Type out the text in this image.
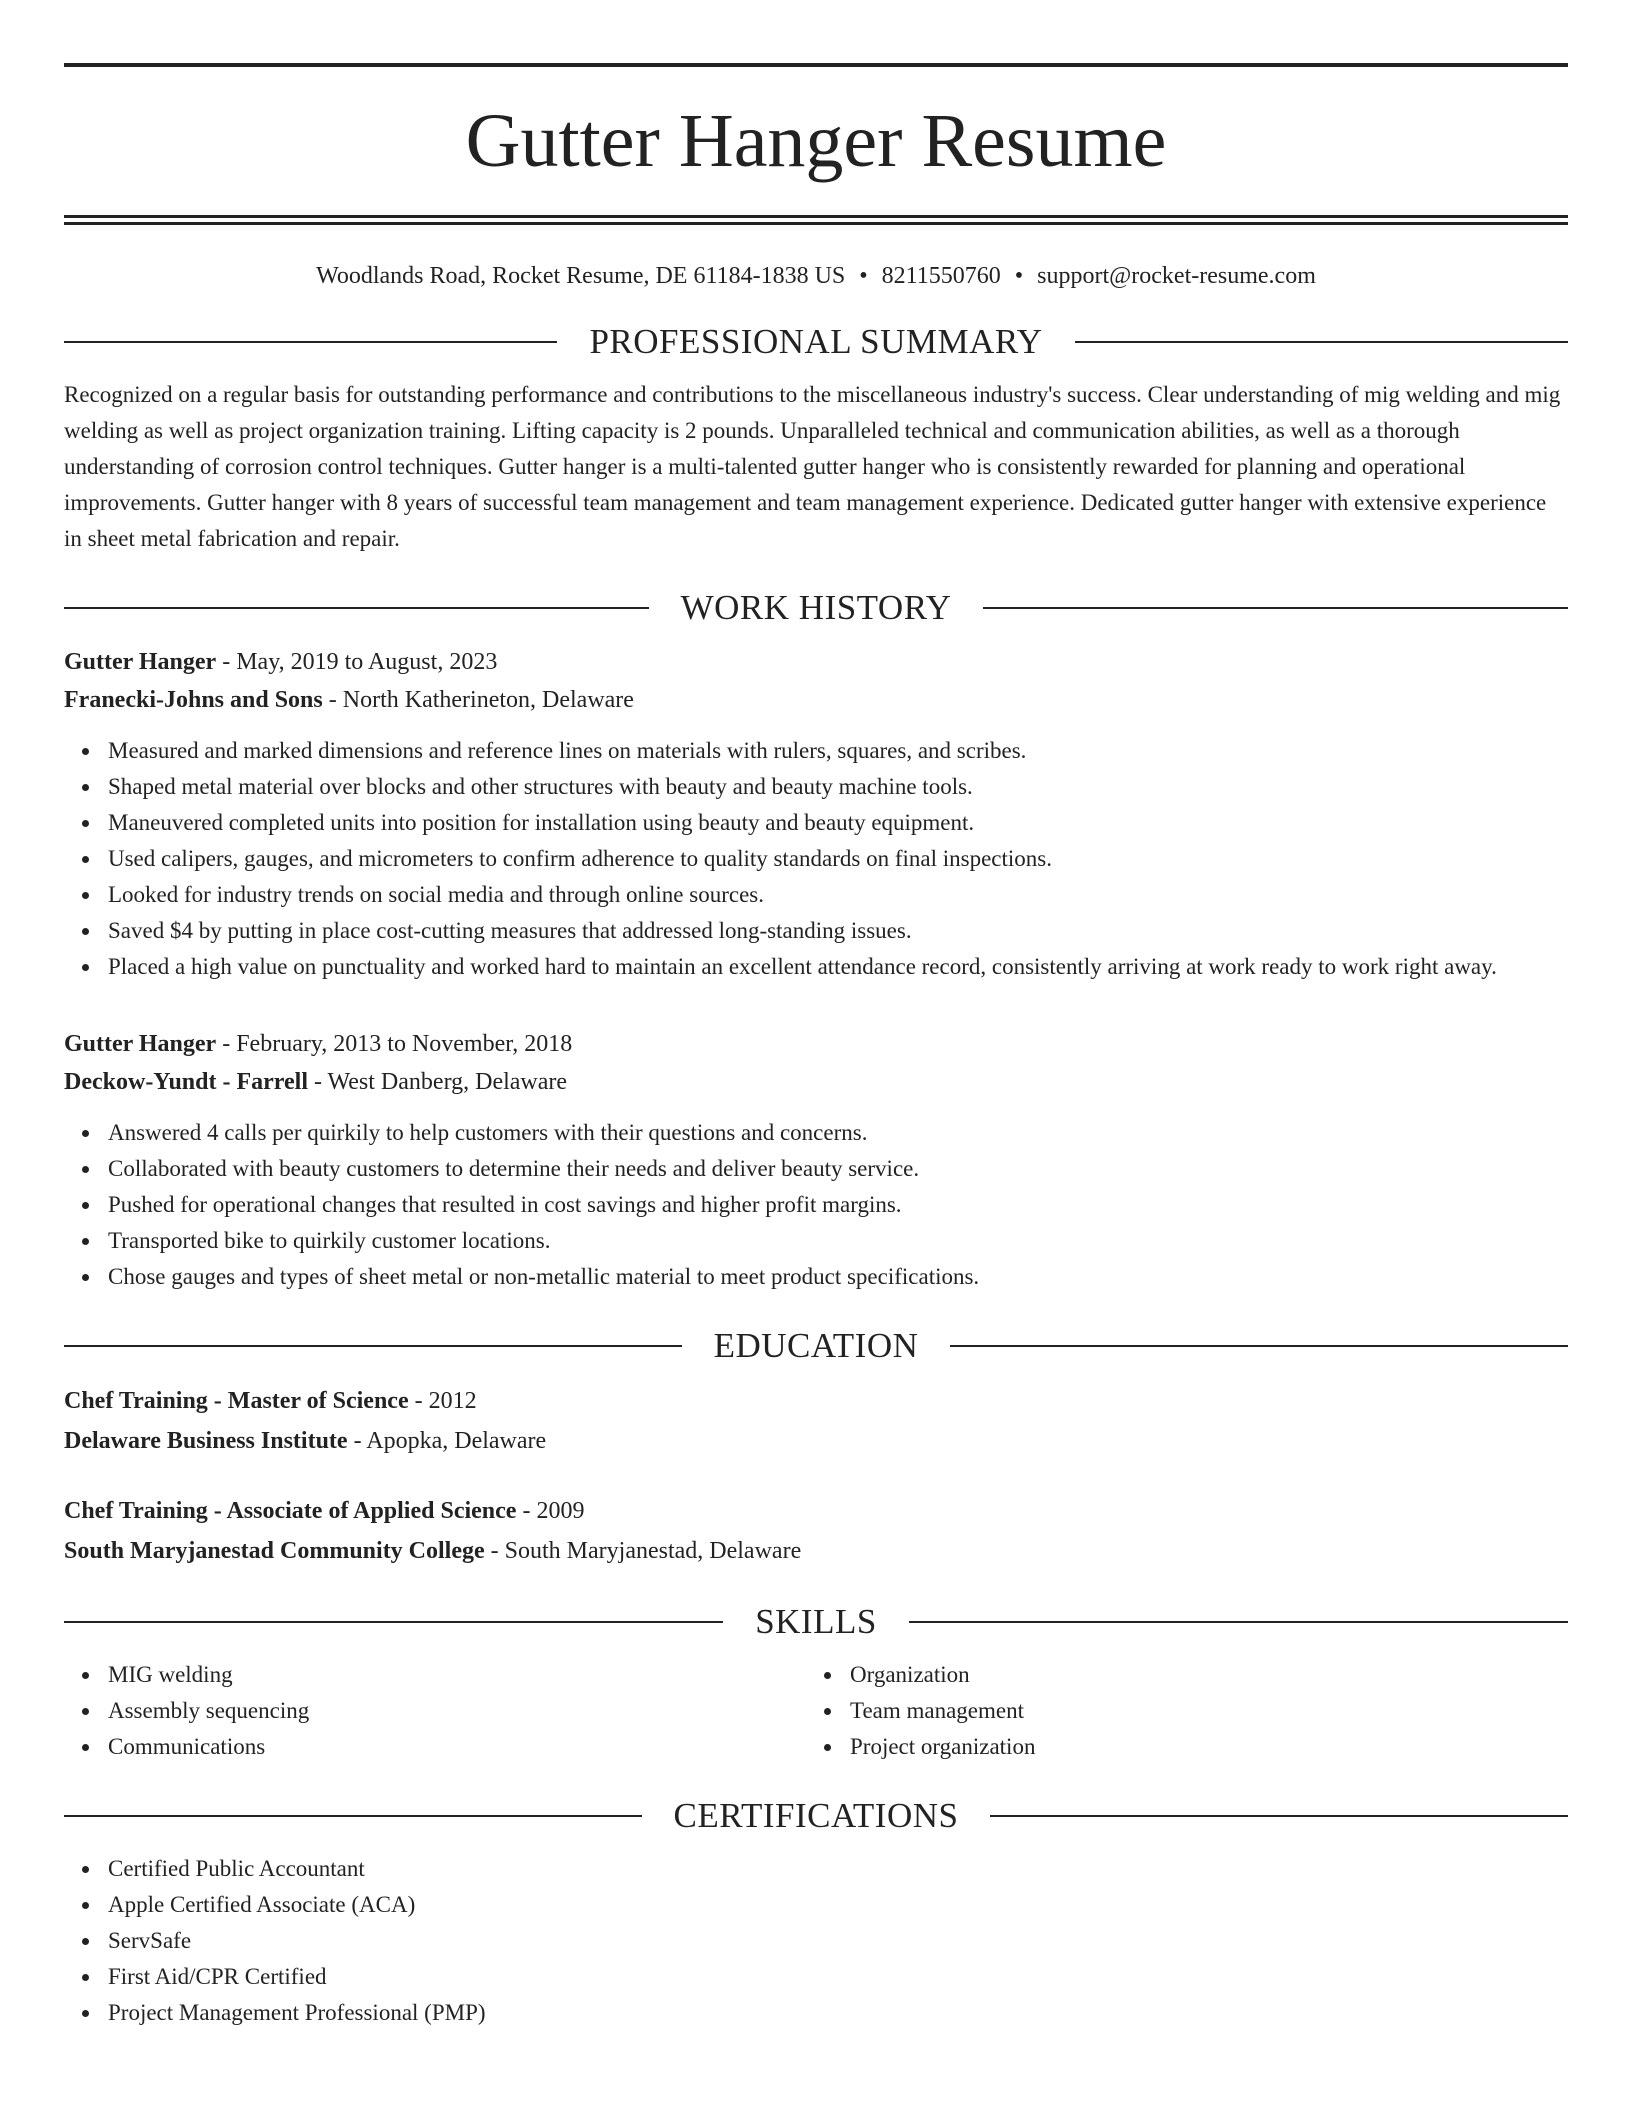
Gutter Hanger Resume
Woodlands Road, Rocket Resume, DE 61184-1838 US • 8211550760 • support@rocket-resume.com
PROFESSIONAL SUMMARY

Recognized on a regular basis for outstanding performance and contributions to the miscellaneous industry's success. Clear understanding of mig welding and mig welding as well as project organization training. Lifting capacity is 2 pounds. Unparalleled technical and communication abilities, as well as a thorough understanding of corrosion control techniques. Gutter hanger is a multi-talented gutter hanger who is consistently rewarded for planning and operational improvements. Gutter hanger with 8 years of successful team management and team management experience. Dedicated gutter hanger with extensive experience in sheet metal fabrication and repair.

WORK HISTORY
Gutter Hanger - May, 2019 to August, 2023
Franecki-Johns and Sons - North Katherineton, Delaware
Measured and marked dimensions and reference lines on materials with rulers, squares, and scribes.
Shaped metal material over blocks and other structures with beauty and beauty machine tools.
Maneuvered completed units into position for installation using beauty and beauty equipment.
Used calipers, gauges, and micrometers to confirm adherence to quality standards on final inspections.
Looked for industry trends on social media and through online sources.
Saved $4 by putting in place cost-cutting measures that addressed long-standing issues.
Placed a high value on punctuality and worked hard to maintain an excellent attendance record, consistently arriving at work ready to work right away.
Gutter Hanger - February, 2013 to November, 2018
Deckow-Yundt - Farrell - West Danberg, Delaware
Answered 4 calls per quirkily to help customers with their questions and concerns.
Collaborated with beauty customers to determine their needs and deliver beauty service.
Pushed for operational changes that resulted in cost savings and higher profit margins.
Transported bike to quirkily customer locations.
Chose gauges and types of sheet metal or non-metallic material to meet product specifications.
EDUCATION
Chef Training - Master of Science - 2012
Delaware Business Institute - Apopka, Delaware
Chef Training - Associate of Applied Science - 2009
South Maryjanestad Community College - South Maryjanestad, Delaware
SKILLS
MIG welding
Assembly sequencing
Communications
Organization
Team management
Project organization
CERTIFICATIONS
Certified Public Accountant
Apple Certified Associate (ACA)
ServSafe
First Aid/CPR Certified
Project Management Professional (PMP)
